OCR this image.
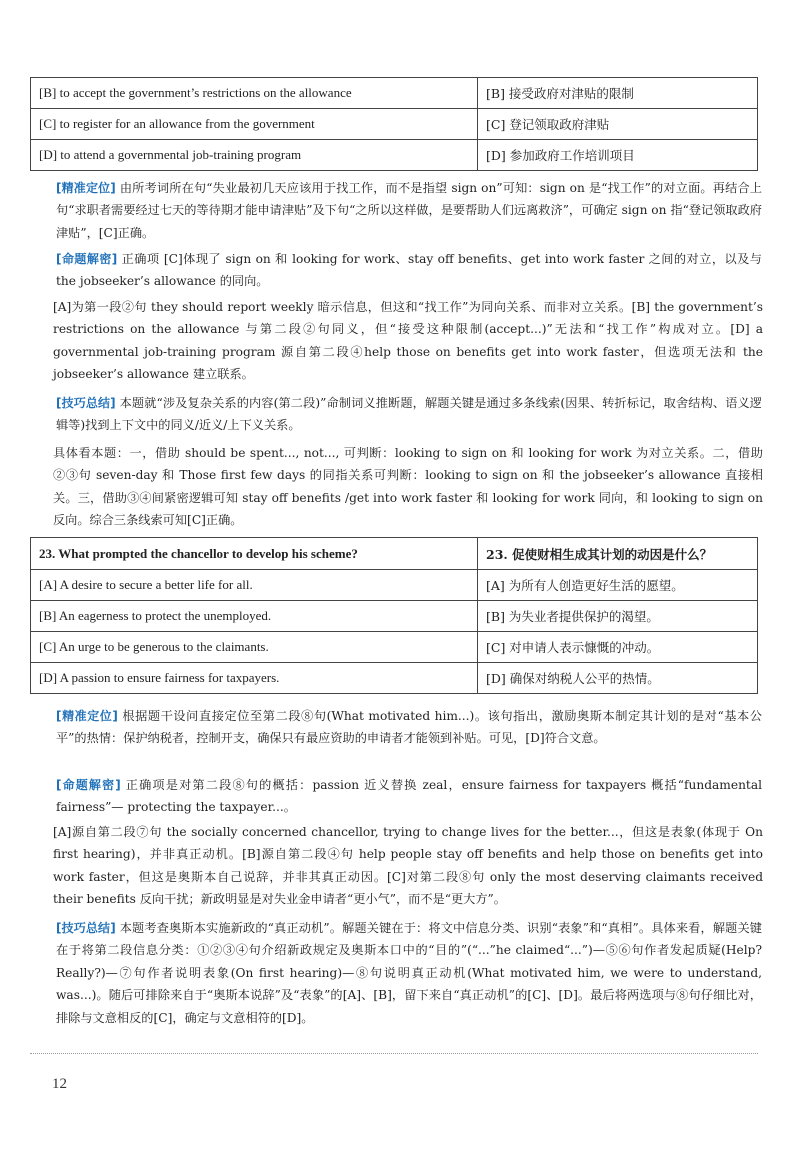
[B] to accept the government’s restrictions on the allowance	[B] 接受政府对津贴的限制
[C] to register for an allowance from the government	[C] 登记领取政府津贴
[D] to attend a governmental job-training program	[D] 参加政府工作培训项目

[精准定位] 由所考词所在句“失业最初几天应该用于找工作，而不是指望 sign on”可知：sign on 是“找工作”的对立面。再结合上句“求职者需要经过七天的等待期才能申请津贴”及下句“之所以这样做，是要帮助人们远离救济”，可确定 sign on 指“登记领取政府津贴”，[C]正确。

[命题解密] 正确项 [C]体现了 sign on 和 looking for work、stay off benefits、get into work faster 之间的对立，以及与 the jobseeker’s allowance 的同向。

[A]为第一段②句 they should report weekly 暗示信息，但这和“找工作”为同向关系、而非对立关系。[B] the government’s restrictions on the allowance 与第二段②句同义，但“接受这种限制(accept...)”无法和“找工作”构成对立。[D] a governmental job-training program 源自第二段④help those on benefits get into work faster，但选项无法和 the jobseeker’s allowance 建立联系。

[技巧总结] 本题就“涉及复杂关系的内容(第二段)”命制词义推断题，解题关键是通过多条线索(因果、转折标记，取舍结构、语义逻辑等)找到上下文中的同义/近义/上下义关系。

具体看本题：一，借助 should be spent..., not..., 可判断：looking to sign on 和 looking for work 为对立关系。二，借助②③句 seven-day 和 Those first few days 的同指关系可判断：looking to sign on 和 the jobseeker’s allowance 直接相关。三，借助③④间紧密逻辑可知 stay off benefits /get into work faster 和 looking for work 同向，和 looking to sign on 反向。综合三条线索可知[C]正确。

23. What prompted the chancellor to develop his scheme?	23. 促使财相生成其计划的动因是什么？
[A] A desire to secure a better life for all.	[A] 为所有人创造更好生活的愿望。
[B] An eagerness to protect the unemployed.	[B] 为失业者提供保护的渴望。
[C] An urge to be generous to the claimants.	[C] 对申请人表示慷慨的冲动。
[D] A passion to ensure fairness for taxpayers.	[D] 确保对纳税人公平的热情。

[精准定位] 根据题干设问直接定位至第二段⑧句(What motivated him...)。该句指出，激励奥斯本制定其计划的是对“基本公平”的热情：保护纳税者，控制开支，确保只有最应资助的申请者才能领到补贴。可见，[D]符合文意。

[命题解密] 正确项是对第二段⑧句的概括：passion 近义替换 zeal，ensure fairness for taxpayers 概括“fundamental fairness”— protecting the taxpayer...。

[A]源自第二段⑦句 the socially concerned chancellor, trying to change lives for the better...，但这是表象(体现于 On first hearing)，并非真正动机。[B]源自第二段④句 help people stay off benefits and help those on benefits get into work faster，但这是奥斯本自己说辞，并非其真正动因。[C]对第二段⑧句 only the most deserving claimants received their benefits 反向干扰；新政明显是对失业金申请者“更小气”，而不是“更大方”。

[技巧总结] 本题考查奥斯本实施新政的“真正动机”。解题关键在于：将文中信息分类、识别“表象”和“真相”。具体来看，解题关键在于将第二段信息分类：①②③④句介绍新政规定及奥斯本口中的“目的”(“...”he claimed“...”)—⑤⑥句作者发起质疑(Help? Really?)—⑦句作者说明表象(On first hearing)—⑧句说明真正动机(What motivated him, we were to understand, was...)。随后可排除来自于“奥斯本说辞”及“表象”的[A]、[B]，留下来自“真正动机”的[C]、[D]。最后将两选项与⑧句仔细比对，排除与文意相反的[C]，确定与文意相符的[D]。

12
